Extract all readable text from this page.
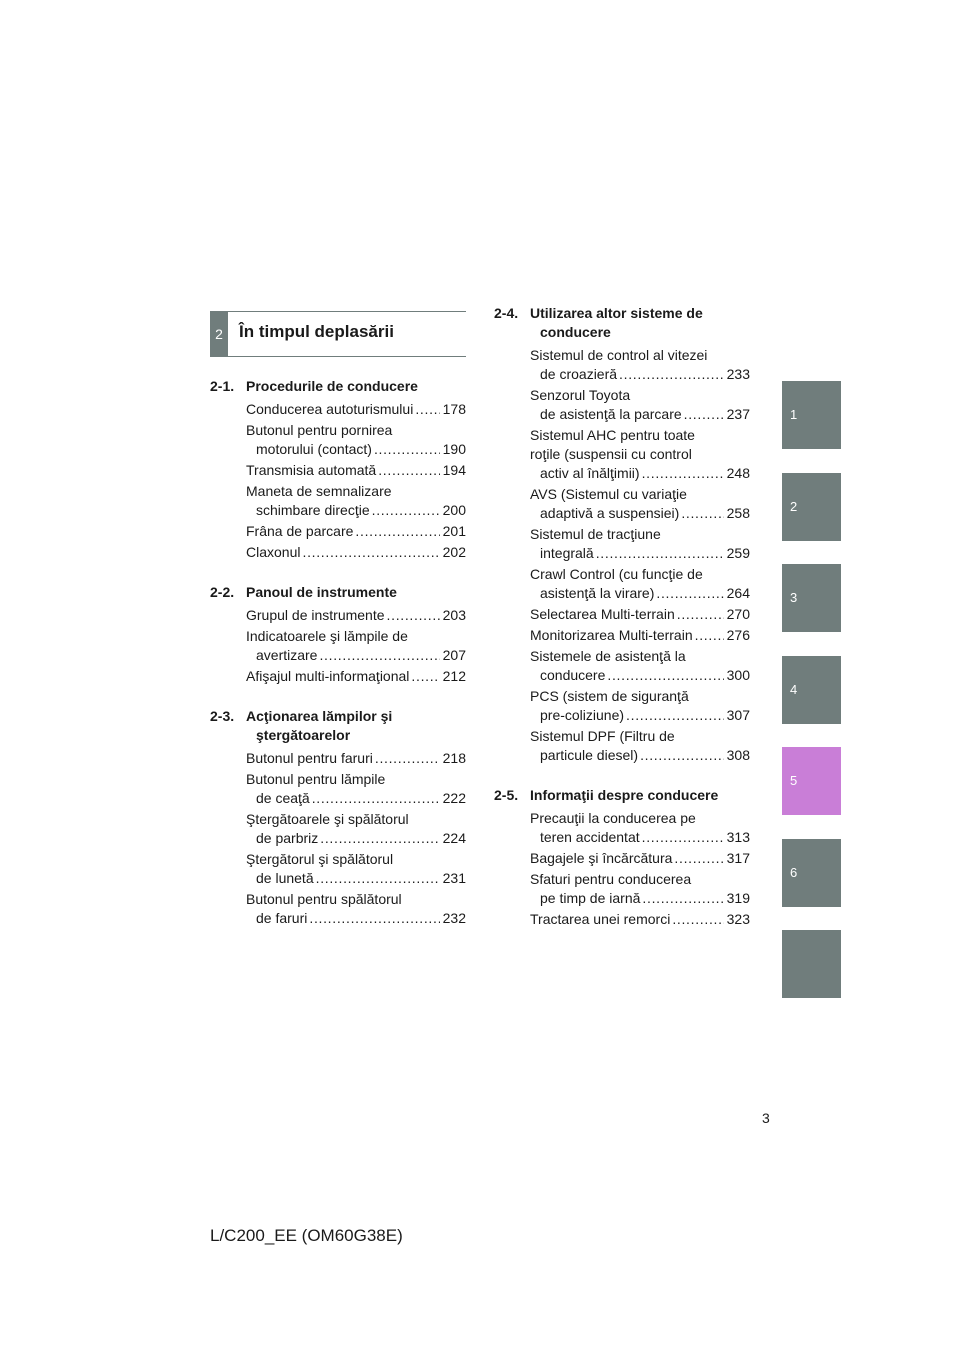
2 În timpul deplasării
2-1. Procedurile de conducere
Conducerea autoturismului . . . 178
Butonul pentru pornirea
motorului (contact) . . .	190
Transmisia automată . . .	194
Maneta de semnalizare
schimbare direcţie . . .	200
Frâna de parcare . . .	201
Claxonul . . .	202
2-2. Panoul de instrumente
Grupul de instrumente . . .	203
Indicatoarele şi lămpile de
avertizare . . .	207
Afişajul multi-informaţional . . . 212
2-3. Acţionarea lămpilor şi
ştergătoarelor
Butonul pentru faruri . . .	218
Butonul pentru lămpile
de ceaţă . . .	222
Ştergătoarele şi spălătorul
de parbriz . . .	224
Ştergătorul şi spălătorul
de lunetă . . .	231
Butonul pentru spălătorul
de faruri . . .	232
2-4. Utilizarea altor sisteme de
conducere
Sistemul de control al vitezei
de croazieră . . .	233
Senzorul Toyota
de asistenţă la parcare . . .	237
Sistemul AHC pentru toate
roţile (suspensii cu control
activ al înălţimii) . . .	248
AVS (Sistemul cu variaţie
adaptivă a suspensiei) . . .	258
Sistemul de tracţiune
integrală . . .	259
Crawl Control (cu funcţie de
asistenţă la virare) . . .	264
Selectarea Multi-terrain . . .	270
Monitorizarea Multi-terrain . . . 276
Sistemele de asistenţă la
conducere . . .	300
PCS (sistem de siguranţă
pre-coliziune) . . .	307
Sistemul DPF (Filtru de
particule diesel) . . .	308
2-5. Informaţii despre conducere
Precauţii la conducerea pe
teren accidentat . . .	313
Bagajele şi încărcătura . . .	317
Sfaturi pentru conducerea
pe timp de iarnă . . .	319
Tractarea unei remorci . . .	323
1
2
3
4
5
6
3
L/C200_EE (OM60G38E)
